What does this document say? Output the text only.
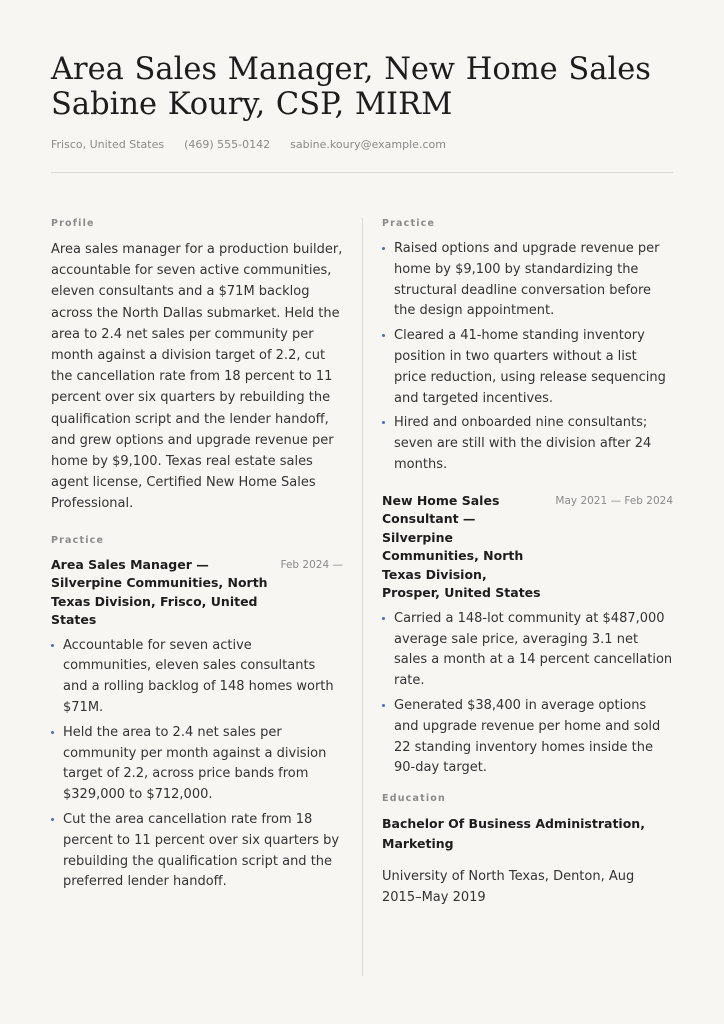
Area Sales Manager, New Home Sales Sabine Koury, CSP, MIRM
Frisco, United States (469) 555-0142 sabine.koury@example.com
Profile

Area sales manager for a production builder, accountable for seven active communities, eleven consultants and a $71M backlog across the North Dallas submarket. Held the area to 2.4 net sales per community per month against a division target of 2.2, cut the cancellation rate from 18 percent to 11 percent over six quarters by rebuilding the qualification script and the lender handoff, and grew options and upgrade revenue per home by $9,100. Texas real estate sales agent license, Certified New Home Sales Professional.

Practice
Area Sales Manager — Silverpine Communities, North Texas Division, Frisco, United States
Feb 2024 —
Accountable for seven active communities, eleven sales consultants and a rolling backlog of 148 homes worth $71M.
Held the area to 2.4 net sales per community per month against a division target of 2.2, across price bands from $329,000 to $712,000.
Cut the area cancellation rate from 18 percent to 11 percent over six quarters by rebuilding the qualification script and the preferred lender handoff.
Practice
Raised options and upgrade revenue per home by $9,100 by standardizing the structural deadline conversation before the design appointment.
Cleared a 41-home standing inventory position in two quarters without a list price reduction, using release sequencing and targeted incentives.
Hired and onboarded nine consultants; seven are still with the division after 24 months.
New Home Sales Consultant — Silverpine Communities, North Texas Division, Prosper, United States
May 2021 — Feb 2024
Carried a 148-lot community at $487,000 average sale price, averaging 3.1 net sales a month at a 14 percent cancellation rate.
Generated $38,400 in average options and upgrade revenue per home and sold 22 standing inventory homes inside the 90-day target.
Education
Bachelor Of Business Administration, Marketing
University of North Texas, Denton, Aug 2015–May 2019
